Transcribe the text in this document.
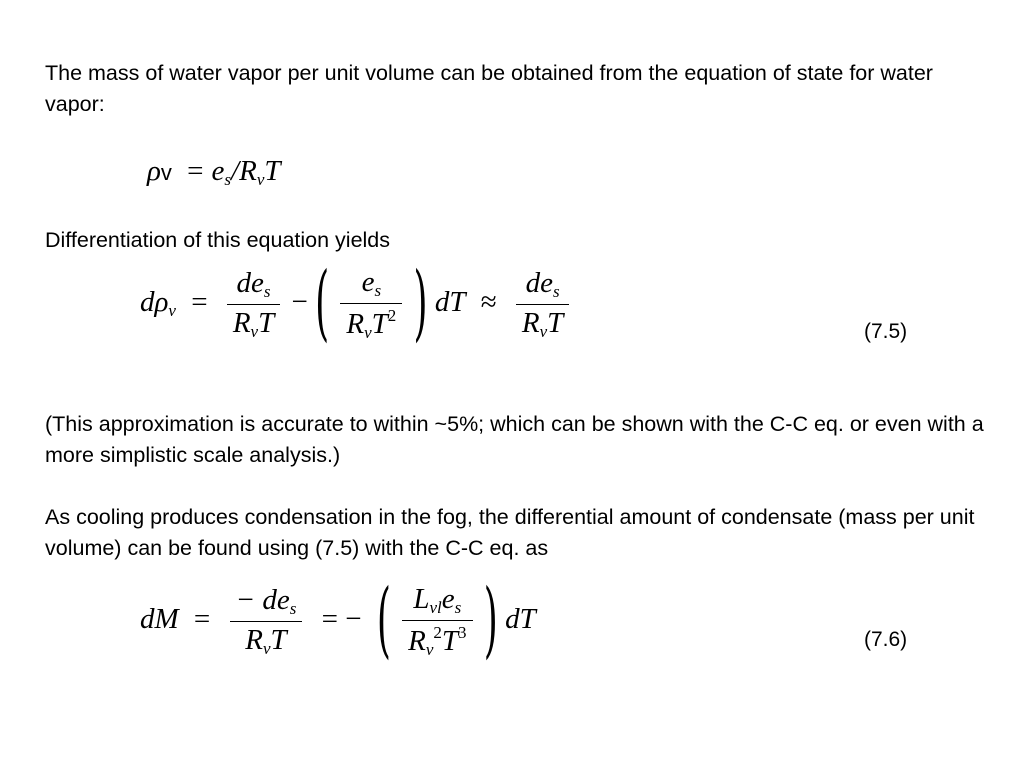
The mass of water vapor per unit volume can be obtained from the equation of state for water vapor:

$\rho v = e_s/R_vT$

Differentiation of this equation yields

$d\rho_v = \frac{de_s}{R_vT}$ − ( $\frac{e_s}{R_vT^2}$ ) dT ≈ $\frac{de_s}{R_vT}$	(7.5)

(This approximation is accurate to within ~5%; which can be shown with the C-C eq. or even with a more simplistic scale analysis.)

As cooling produces condensation in the fog, the differential amount of condensate (mass per unit volume) can be found using (7.5) with the C-C eq. as

dM = $\frac{- de_s}{R_vT}$ = − ( $\frac{L_{vl}e_s}{R_v^2T^3}$ ) dT
(7.6)
